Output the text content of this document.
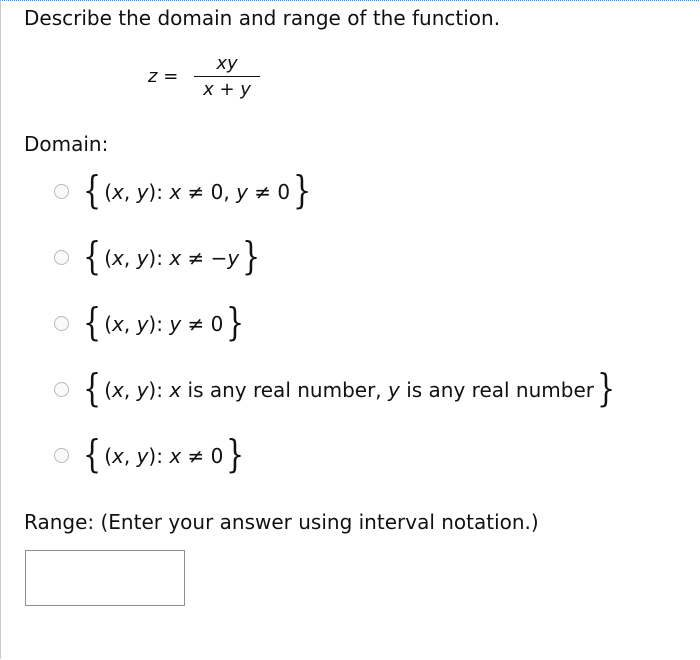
Describe the domain and range of the function.

z =
xy
x + y
Domain:
{ (x, y):
x ≠ 0, y ≠ 0 }
{ (x, y):
x ≠ −y }
{ (x, y):
y ≠ 0 }
{ (x, y):
x is any real number, y is any real number }
{ (x, y):
x ≠ 0 }
Range: (Enter your answer using interval notation.)
